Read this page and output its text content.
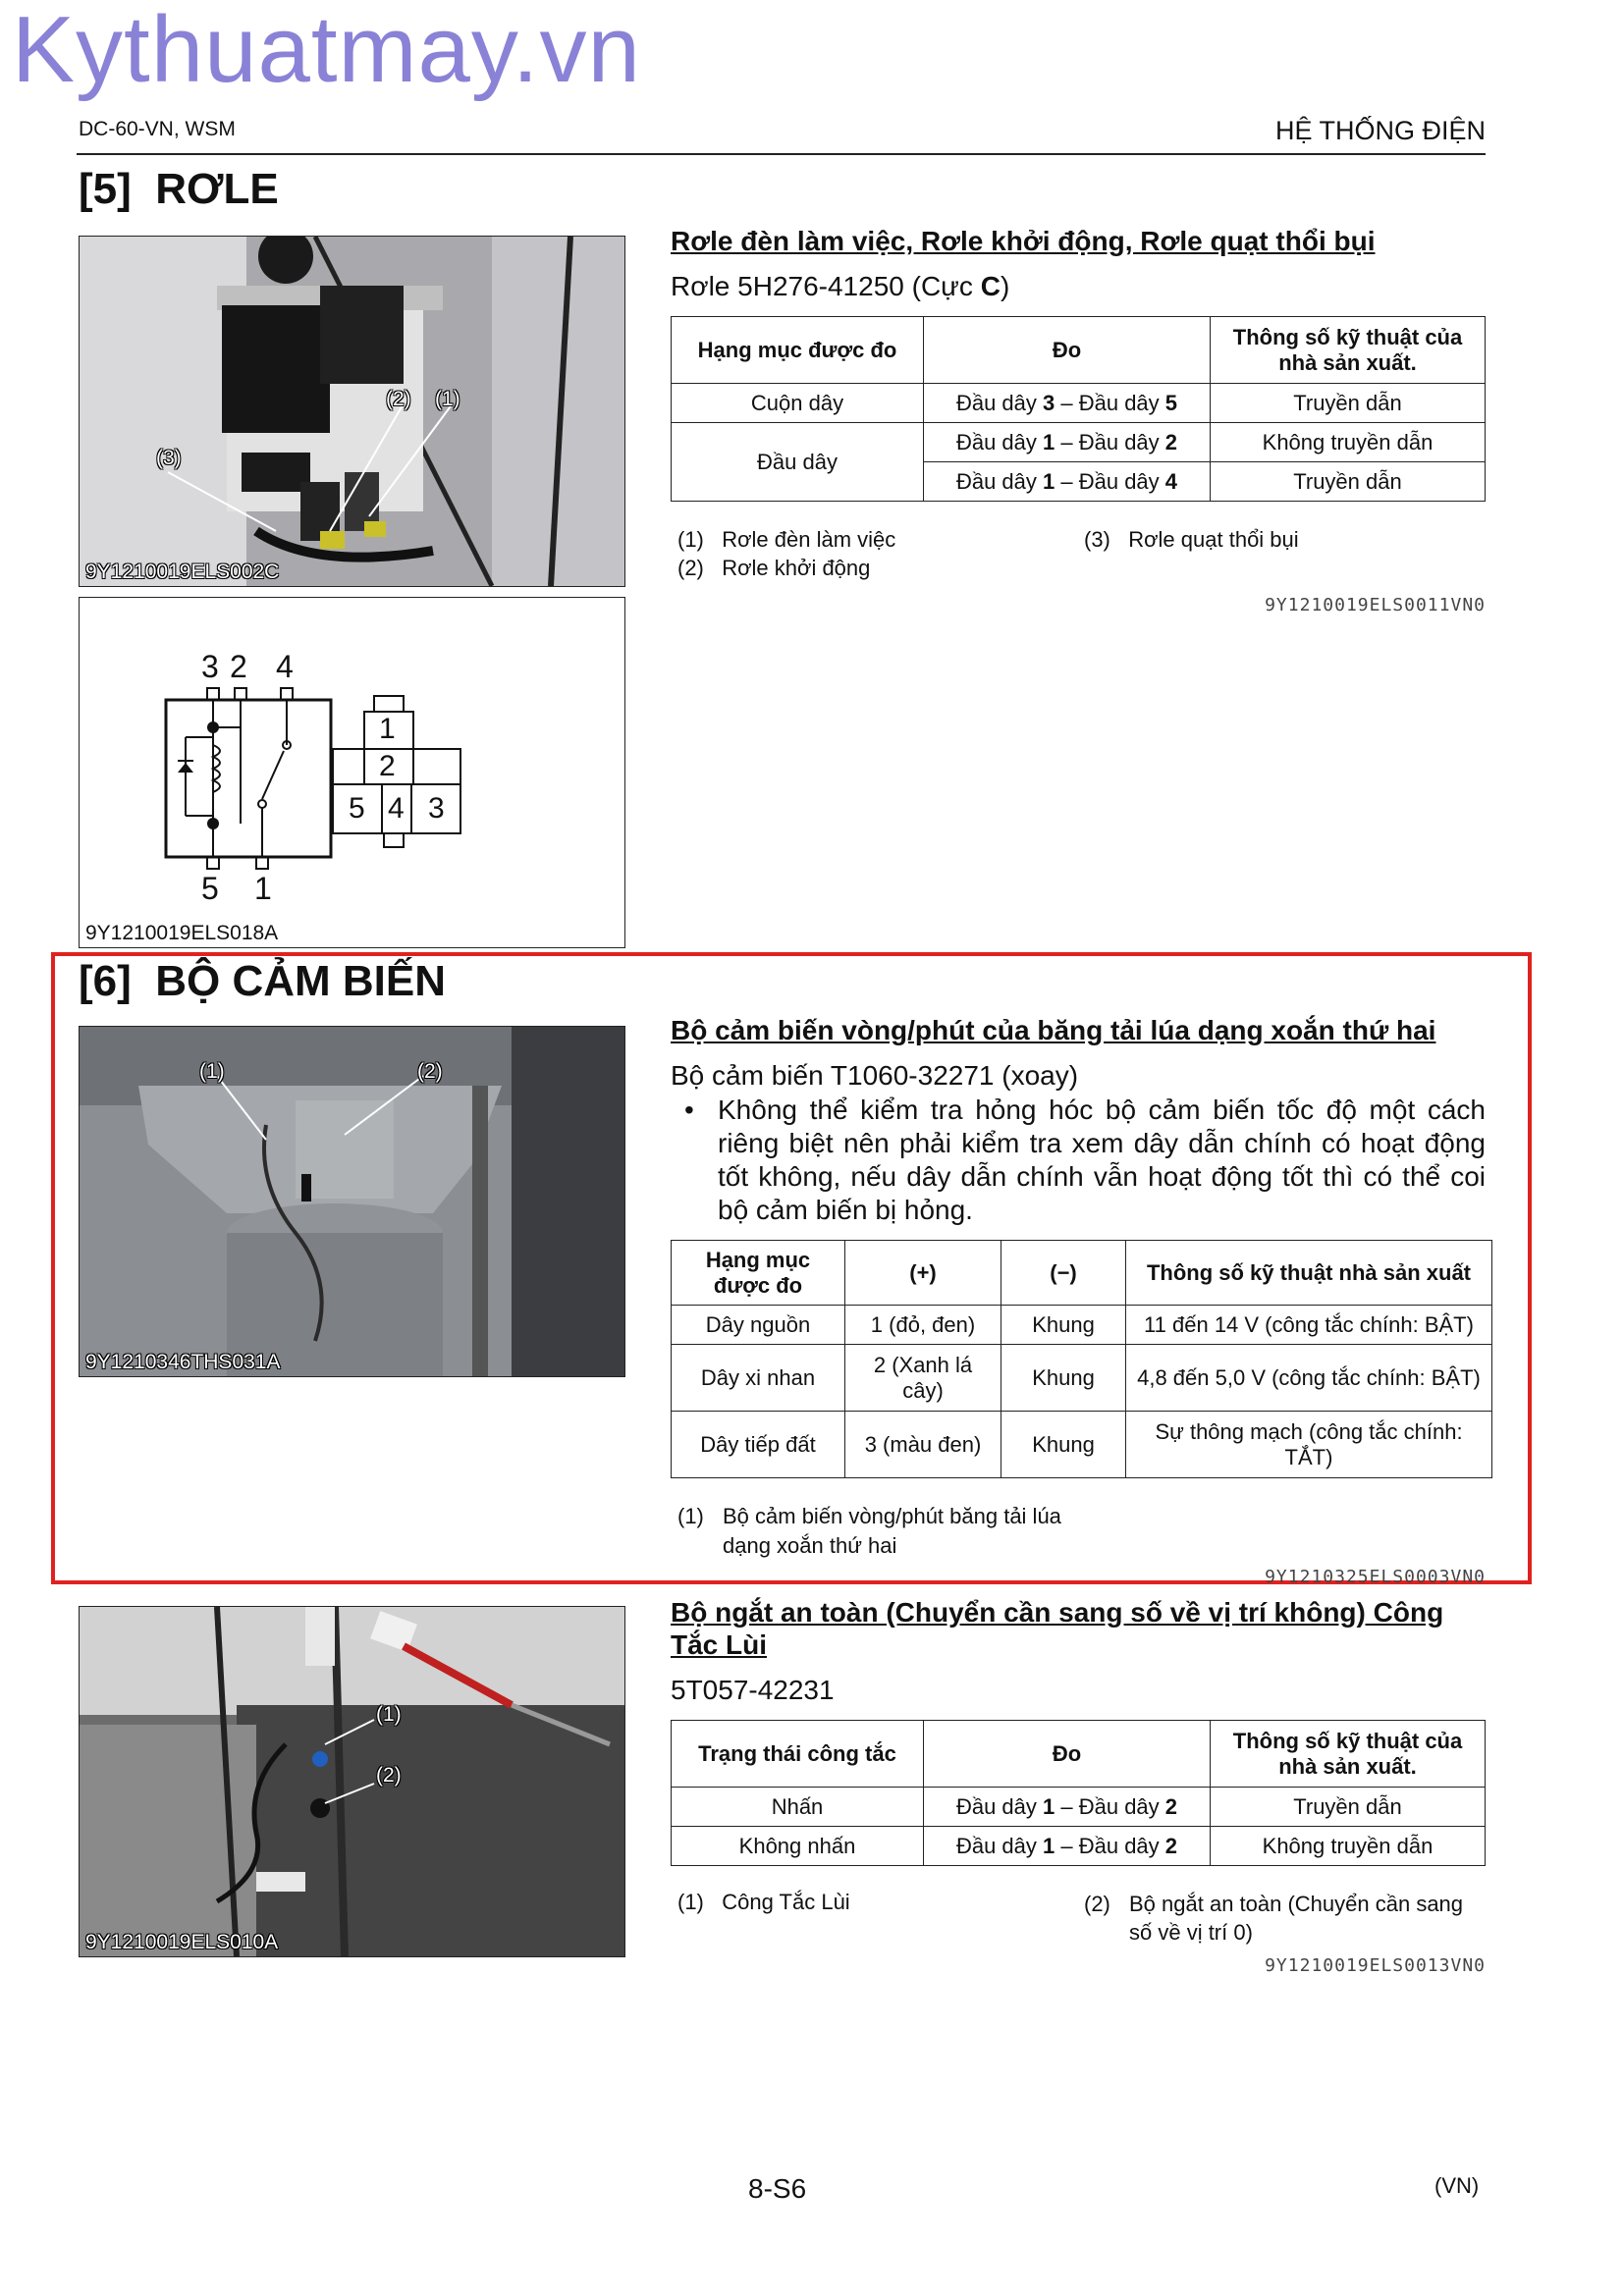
Kythuatmay.vn
DC-60-VN, WSM	HỆ THỐNG ĐIỆN
[5] RƠLE
(3)
(2) (1)
9Y1210019ELS002C
3 2 4
5 1
1
2
5 4 3
9Y1210019ELS018A
Rơle đèn làm việc, Rơle khởi động, Rơle quạt thổi bụi
Rơle 5H276-41250 (Cực C)
Hạng mục được đo	Đo	Thông số kỹ thuật của nhà sản xuất.
Cuộn dây	Đầu dây 3 – Đầu dây 5	Truyền dẫn
Đầu dây	Đầu dây 1 – Đầu dây 2	Không truyền dẫn
	Đầu dây 1 – Đầu dây 4	Truyền dẫn
(1) Rơle đèn làm việc
(2) Rơle khởi động
(3) Rơle quạt thổi bụi
9Y1210019ELS0011VN0
[6] BỘ CẢM BIẾN
(1)	(2)
9Y1210346THS031A
Bộ cảm biến vòng/phút của băng tải lúa dạng xoắn thứ hai
Bộ cảm biến T1060-32271 (xoay)
• Không thể kiểm tra hỏng hóc bộ cảm biến tốc độ một cách riêng biệt nên phải kiểm tra xem dây dẫn chính có hoạt động tốt không, nếu dây dẫn chính vẫn hoạt động tốt thì có thể coi bộ cảm biến bị hỏng.
Hạng mục được đo	(+)	(−)	Thông số kỹ thuật nhà sản xuất
Dây nguồn	1 (đỏ, đen)	Khung	11 đến 14 V (công tắc chính: BẬT)
Dây xi nhan	2 (Xanh lá cây)	Khung	4,8 đến 5,0 V (công tắc chính: BẬT)
Dây tiếp đất	3 (màu đen)	Khung	Sự thông mạch (công tắc chính: TẮT)
(1) Bộ cảm biến vòng/phút băng tải lúa dạng xoắn thứ hai
9Y1210325ELS0003VN0
(1)
(2)
9Y1210019ELS010A
Bộ ngắt an toàn (Chuyển cần sang số về vị trí không) Công Tắc Lùi
5T057-42231
Trạng thái công tắc	Đo	Thông số kỹ thuật của nhà sản xuất.
Nhấn	Đầu dây 1 – Đầu dây 2	Truyền dẫn
Không nhấn	Đầu dây 1 – Đầu dây 2	Không truyền dẫn
(1) Công Tắc Lùi	(2) Bộ ngắt an toàn (Chuyển cần sang số về vị trí 0)
9Y1210019ELS0013VN0
8-S6	(VN)
